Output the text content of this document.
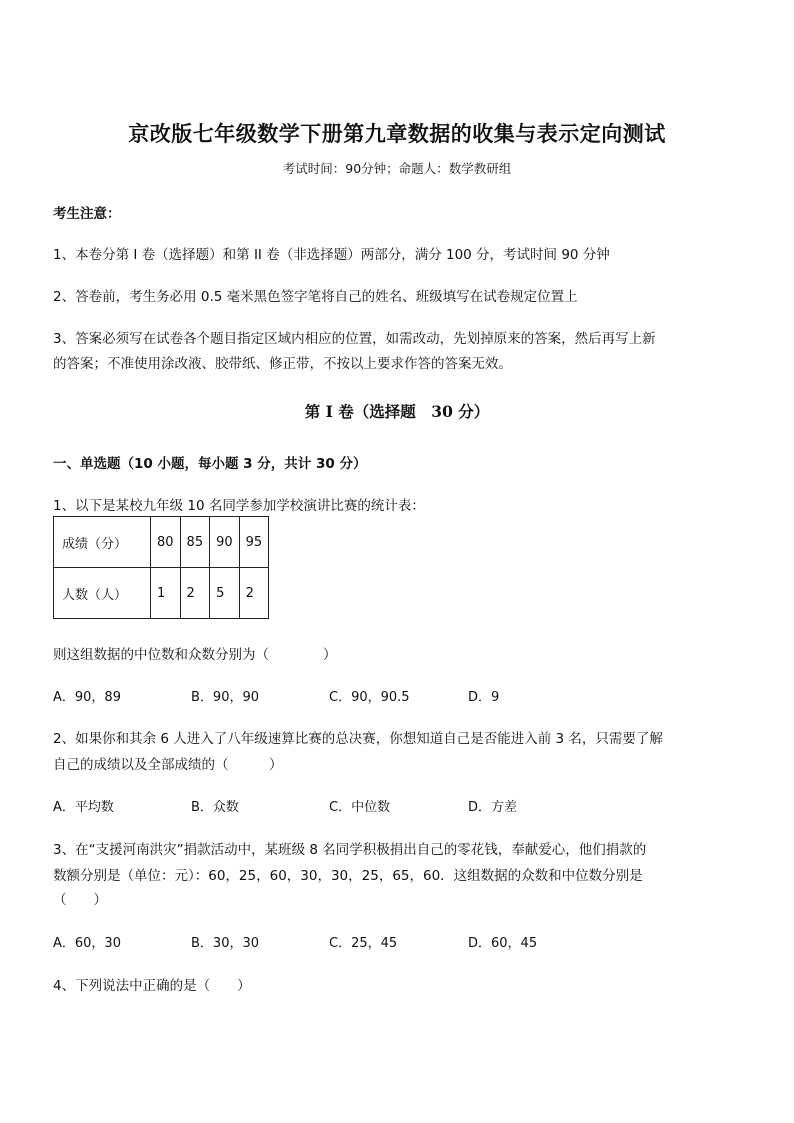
京改版七年级数学下册第九章数据的收集与表示定向测试
考试时间：90分钟；命题人：数学教研组
考生注意：
1、本卷分第 I 卷（选择题）和第 II 卷（非选择题）两部分，满分 100 分，考试时间 90 分钟
2、答卷前，考生务必用 0.5 毫米黑色签字笔将自己的姓名、班级填写在试卷规定位置上
3、答案必须写在试卷各个题目指定区域内相应的位置，如需改动，先划掉原来的答案，然后再写上新
的答案；不准使用涂改液、胶带纸、修正带，不按以上要求作答的答案无效。
第 I 卷（选择题　30 分）
一、单选题（10 小题，每小题 3 分，共计 30 分）
1、以下是某校九年级 10 名同学参加学校演讲比赛的统计表：
成绩（分）	80	85	90	95
人数（人）	1	2	5	2
则这组数据的中位数和众数分别为（　　　　）
A．90，89	B．90，90	C．90，90.5	D．9
2、如果你和其余 6 人进入了八年级速算比赛的总决赛，你想知道自己是否能进入前 3 名，只需要了解
自己的成绩以及全部成绩的（　　　）
A．平均数	B．众数	C．中位数	D．方差
3、在“支援河南洪灾”捐款活动中，某班级 8 名同学积极捐出自己的零花钱，奉献爱心，他们捐款的
数额分别是（单位：元）：60，25，60，30，30，25，65，60．这组数据的众数和中位数分别是
（　　）
A．60，30	B．30，30	C．25，45	D．60，45
4、下列说法中正确的是（　　）
